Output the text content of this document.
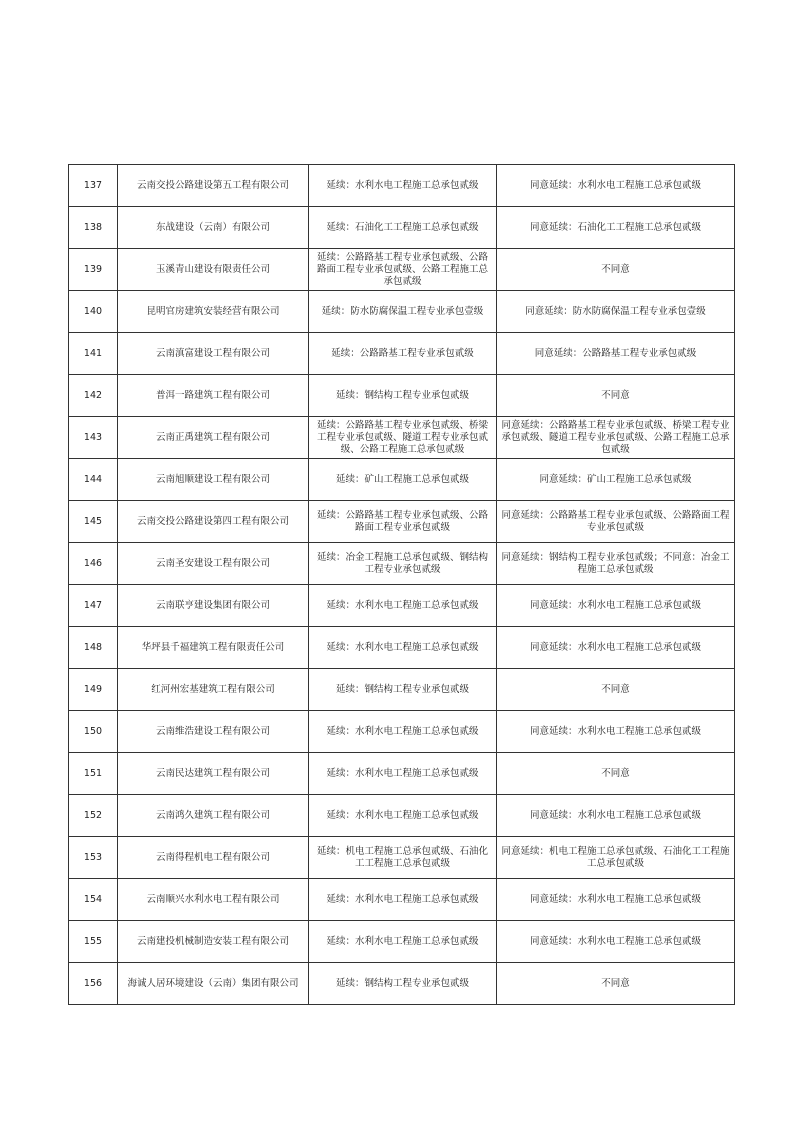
137	云南交投公路建设第五工程有限公司	延续：水利水电工程施工总承包贰级	同意延续：水利水电工程施工总承包贰级
138	东战建设（云南）有限公司	延续：石油化工工程施工总承包贰级	同意延续：石油化工工程施工总承包贰级
139	玉溪青山建设有限责任公司	延续：公路路基工程专业承包贰级、公路路面工程专业承包贰级、公路工程施工总承包贰级	不同意
140	昆明官房建筑安装经营有限公司	延续：防水防腐保温工程专业承包壹级	同意延续：防水防腐保温工程专业承包壹级
141	云南滇富建设工程有限公司	延续：公路路基工程专业承包贰级	同意延续：公路路基工程专业承包贰级
142	普洱一路建筑工程有限公司	延续：钢结构工程专业承包贰级	不同意
143	云南正禹建筑工程有限公司	延续：公路路基工程专业承包贰级、桥梁工程专业承包贰级、隧道工程专业承包贰级、公路工程施工总承包贰级	同意延续：公路路基工程专业承包贰级、桥梁工程专业承包贰级、隧道工程专业承包贰级、公路工程施工总承包贰级
144	云南旭顺建设工程有限公司	延续：矿山工程施工总承包贰级	同意延续：矿山工程施工总承包贰级
145	云南交投公路建设第四工程有限公司	延续：公路路基工程专业承包贰级、公路路面工程专业承包贰级	同意延续：公路路基工程专业承包贰级、公路路面工程专业承包贰级
146	云南圣安建设工程有限公司	延续：冶金工程施工总承包贰级、钢结构工程专业承包贰级	同意延续：钢结构工程专业承包贰级；不同意：冶金工程施工总承包贰级
147	云南联亨建设集团有限公司	延续：水利水电工程施工总承包贰级	同意延续：水利水电工程施工总承包贰级
148	华坪县千福建筑工程有限责任公司	延续：水利水电工程施工总承包贰级	同意延续：水利水电工程施工总承包贰级
149	红河州宏基建筑工程有限公司	延续：钢结构工程专业承包贰级	不同意
150	云南维浩建设工程有限公司	延续：水利水电工程施工总承包贰级	同意延续：水利水电工程施工总承包贰级
151	云南民达建筑工程有限公司	延续：水利水电工程施工总承包贰级	不同意
152	云南鸿久建筑工程有限公司	延续：水利水电工程施工总承包贰级	同意延续：水利水电工程施工总承包贰级
153	云南得程机电工程有限公司	延续：机电工程施工总承包贰级、石油化工工程施工总承包贰级	同意延续：机电工程施工总承包贰级、石油化工工程施工总承包贰级
154	云南顺兴水利水电工程有限公司	延续：水利水电工程施工总承包贰级	同意延续：水利水电工程施工总承包贰级
155	云南建投机械制造安装工程有限公司	延续：水利水电工程施工总承包贰级	同意延续：水利水电工程施工总承包贰级
156	海诚人居环境建设（云南）集团有限公司	延续：钢结构工程专业承包贰级	不同意
